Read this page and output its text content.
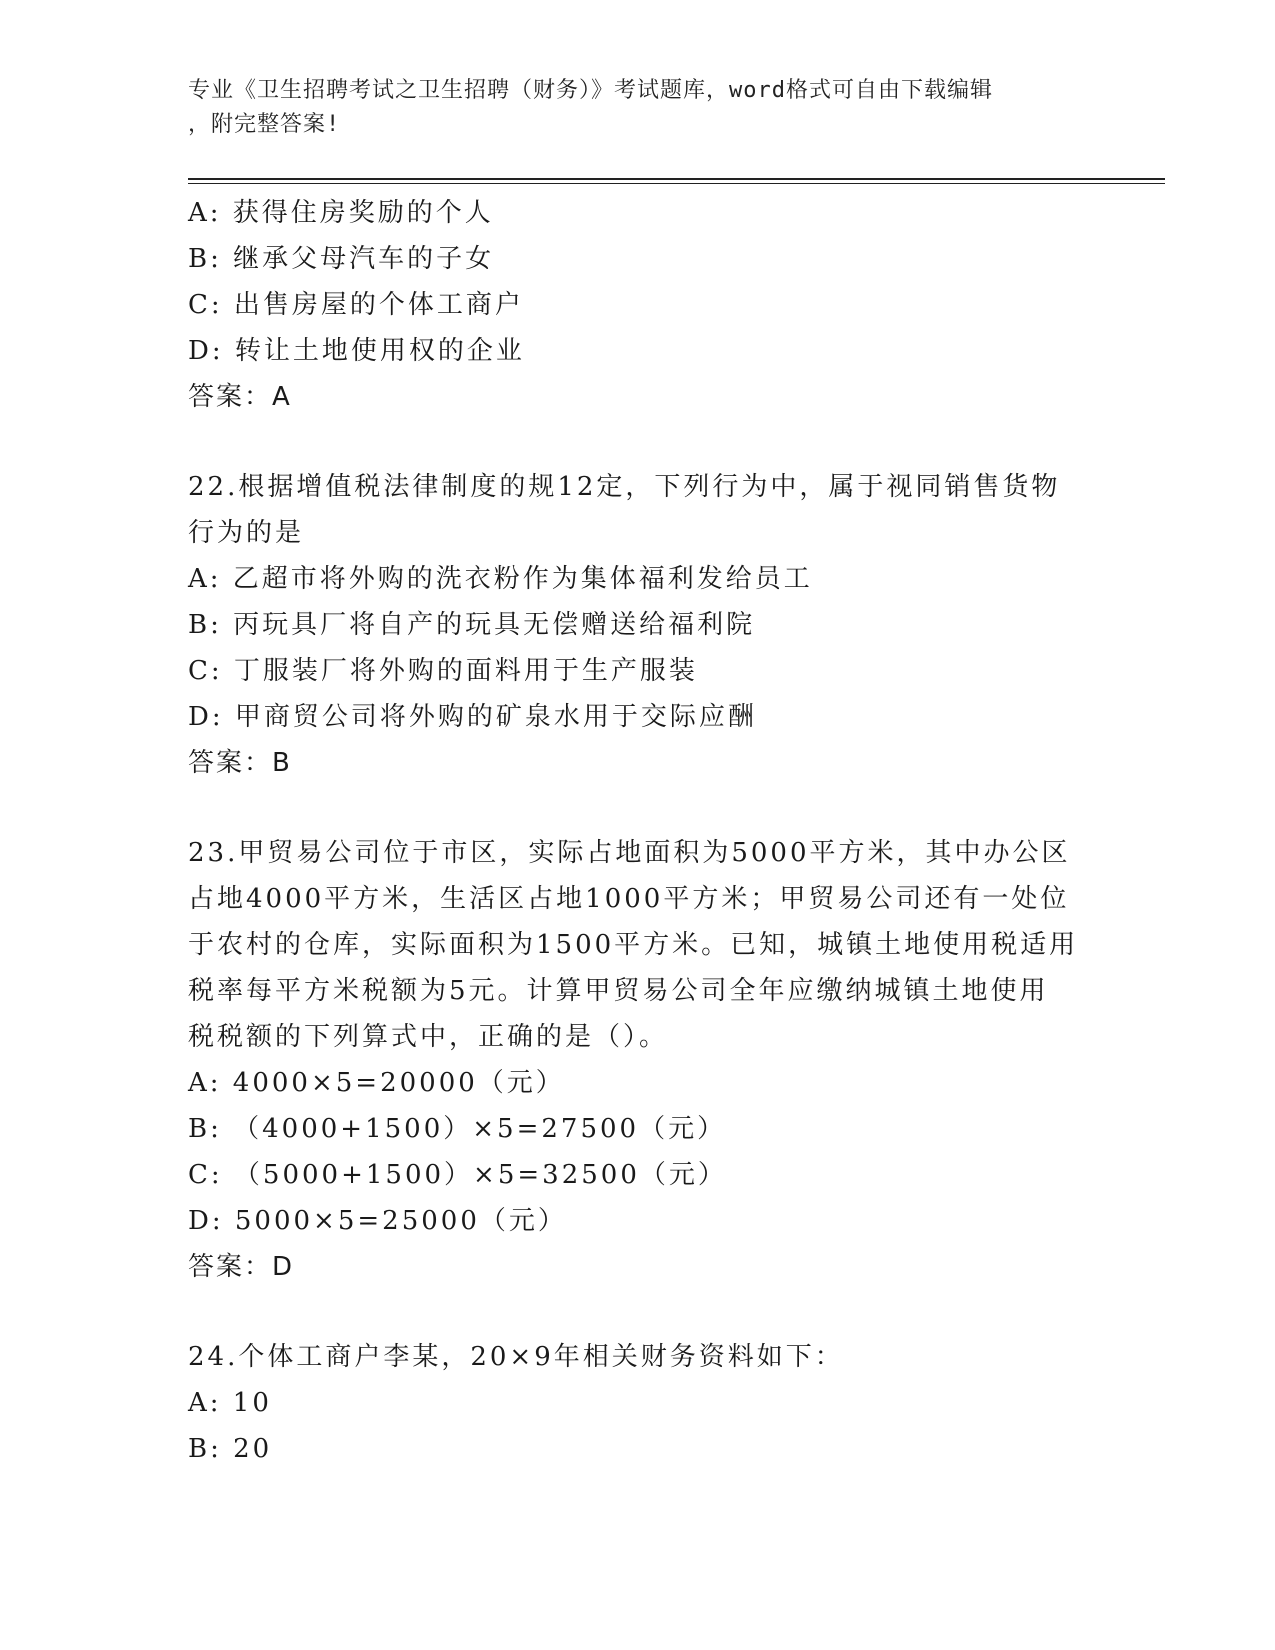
专业《卫生招聘考试之卫生招聘（财务）》考试题库，word格式可自由下载编辑
，附完整答案!
A: 获得住房奖励的个人
B: 继承父母汽车的子女
C: 出售房屋的个体工商户
D: 转让土地使用权的企业
答案：A
22.根据增值税法律制度的规12定，下列行为中，属于视同销售货物
行为的是
A: 乙超市将外购的洗衣粉作为集体福利发给员工
B: 丙玩具厂将自产的玩具无偿赠送给福利院
C: 丁服装厂将外购的面料用于生产服装
D: 甲商贸公司将外购的矿泉水用于交际应酬
答案：B
23.甲贸易公司位于市区，实际占地面积为5000平方米，其中办公区
占地4000平方米，生活区占地1000平方米；甲贸易公司还有一处位
于农村的仓库，实际面积为1500平方米。已知，城镇土地使用税适用
税率每平方米税额为5元。计算甲贸易公司全年应缴纳城镇土地使用
税税额的下列算式中，正确的是（）。
A: 4000×5=20000（元）
B: （4000+1500）×5=27500（元）
C: （5000+1500）×5=32500（元）
D: 5000×5=25000（元）
答案：D
24.个体工商户李某，20×9年相关财务资料如下：
A: 10
B: 20
